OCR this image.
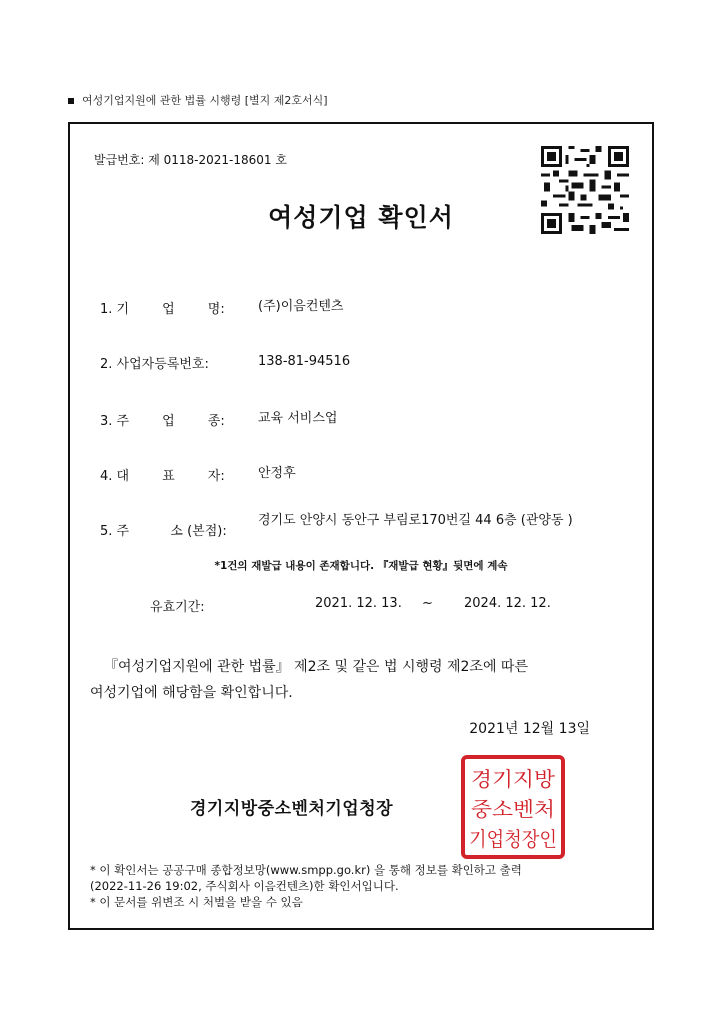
여성기업지원에 관한 법률 시행령 [별지 제2호서식]
발급번호: 제 0118-2021-18601 호
여성기업 확인서
1. 기        업        명:	(주)이음컨텐츠
2. 사업자등록번호:	138-81-94516
3. 주        업        종:	교육 서비스업
4. 대        표        자:	안정후
5. 주          소 (본점):
경기도 안양시 동안구 부림로170번길 44 6층 (관양동 )
*1건의 재발급 내용이 존재합니다. 『재발급 현황』뒷면에 계속
유효기간:	2021. 12. 13. ~ 2024. 12. 12.
『여성기업지원에 관한 법률』 제2조 및 같은 법 시행령 제2조에 따른
여성기업에 해당함을 확인합니다.
2021년 12월 13일
경기지방중소벤처기업청장
경기지방
중소벤처
기업청장인
* 이 확인서는 공공구매 종합정보망(www.smpp.go.kr) 을 통해 정보를 확인하고 출력
(2022-11-26 19:02, 주식회사 이음컨텐츠)한 확인서입니다.
* 이 문서를 위변조 시 처벌을 받을 수 있음
